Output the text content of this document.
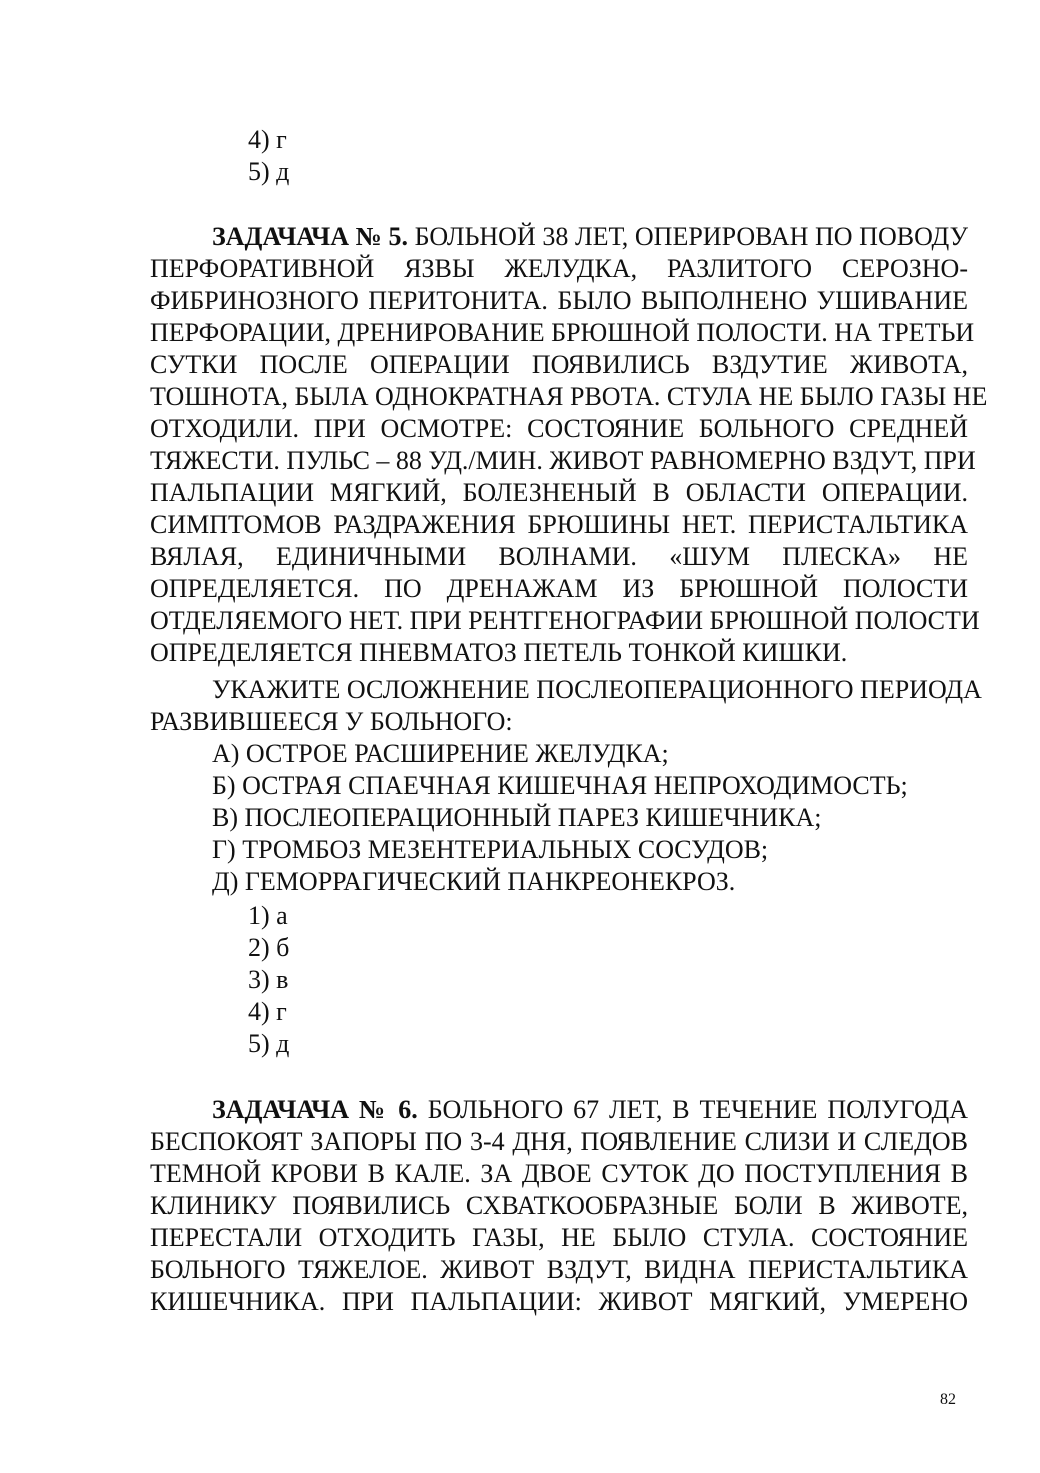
4) г
5) д
ЗАДАЧАЧА № 5. БОЛЬНОЙ 38 ЛЕТ, ОПЕРИРОВАН ПО ПОВОДУ
ПЕРФОРАТИВНОЙ ЯЗВЫ ЖЕЛУДКА, РАЗЛИТОГО СЕРОЗНО-
ФИБРИНОЗНОГО ПЕРИТОНИТА. БЫЛО ВЫПОЛНЕНО УШИВАНИЕ
ПЕРФОРАЦИИ, ДРЕНИРОВАНИЕ БРЮШНОЙ ПОЛОСТИ. НА ТРЕТЬИ
СУТКИ ПОСЛЕ ОПЕРАЦИИ ПОЯВИЛИСЬ ВЗДУТИЕ ЖИВОТА,
ТОШНОТА, БЫЛА ОДНОКРАТНАЯ РВОТА. СТУЛА НЕ БЫЛО ГАЗЫ НЕ
ОТХОДИЛИ. ПРИ ОСМОТРЕ: СОСТОЯНИЕ БОЛЬНОГО СРЕДНЕЙ
ТЯЖЕСТИ. ПУЛЬС – 88 УД./МИН. ЖИВОТ РАВНОМЕРНО ВЗДУТ, ПРИ
ПАЛЬПАЦИИ МЯГКИЙ, БОЛЕЗНЕНЫЙ В ОБЛАСТИ ОПЕРАЦИИ.
СИМПТОМОВ РАЗДРАЖЕНИЯ БРЮШИНЫ НЕТ. ПЕРИСТАЛЬТИКА
ВЯЛАЯ, ЕДИНИЧНЫМИ ВОЛНАМИ. «ШУМ ПЛЕСКА» НЕ
ОПРЕДЕЛЯЕТСЯ. ПО ДРЕНАЖАМ ИЗ БРЮШНОЙ ПОЛОСТИ
ОТДЕЛЯЕМОГО НЕТ. ПРИ РЕНТГЕНОГРАФИИ БРЮШНОЙ ПОЛОСТИ
ОПРЕДЕЛЯЕТСЯ ПНЕВМАТОЗ ПЕТЕЛЬ ТОНКОЙ КИШКИ.
УКАЖИТЕ ОСЛОЖНЕНИЕ ПОСЛЕОПЕРАЦИОННОГО ПЕРИОДА
РАЗВИВШЕЕСЯ У БОЛЬНОГО:
А) ОСТРОЕ РАСШИРЕНИЕ ЖЕЛУДКА;
Б) ОСТРАЯ СПАЕЧНАЯ КИШЕЧНАЯ НЕПРОХОДИМОСТЬ;
В) ПОСЛЕОПЕРАЦИОННЫЙ ПАРЕЗ КИШЕЧНИКА;
Г) ТРОМБОЗ МЕЗЕНТЕРИАЛЬНЫХ СОСУДОВ;
Д) ГЕМОРРАГИЧЕСКИЙ ПАНКРЕОНЕКРОЗ.
1) а
2) б
3) в
4) г
5) д
ЗАДАЧАЧА № 6. БОЛЬНОГО 67 ЛЕТ, В ТЕЧЕНИЕ ПОЛУГОДА
БЕСПОКОЯТ ЗАПОРЫ ПО 3-4 ДНЯ, ПОЯВЛЕНИЕ СЛИЗИ И СЛЕДОВ
ТЕМНОЙ КРОВИ В КАЛЕ. ЗА ДВОЕ СУТОК ДО ПОСТУПЛЕНИЯ В
КЛИНИКУ ПОЯВИЛИСЬ СХВАТКООБРАЗНЫЕ БОЛИ В ЖИВОТЕ,
ПЕРЕСТАЛИ ОТХОДИТЬ ГАЗЫ, НЕ БЫЛО СТУЛА. СОСТОЯНИЕ
БОЛЬНОГО ТЯЖЕЛОЕ. ЖИВОТ ВЗДУТ, ВИДНА ПЕРИСТАЛЬТИКА
КИШЕЧНИКА. ПРИ ПАЛЬПАЦИИ: ЖИВОТ МЯГКИЙ, УМЕРЕНО
82
